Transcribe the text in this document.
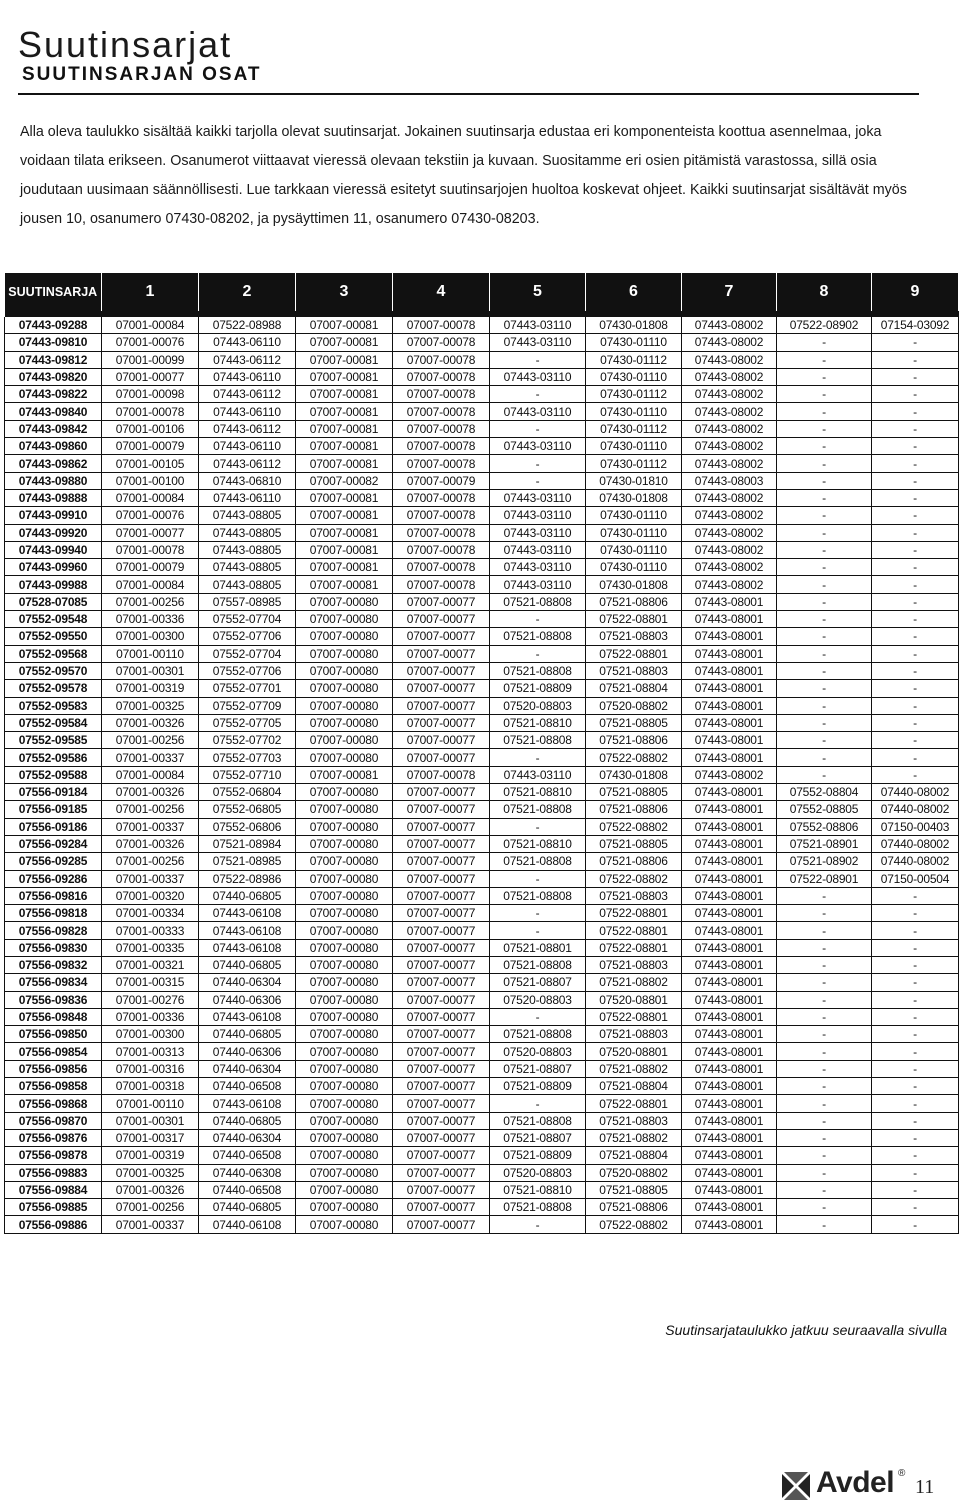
Suutinsarjat
SUUTINSARJAN OSAT

Alla oleva taulukko sisältää kaikki tarjolla olevat suutinsarjat. Jokainen suutinsarja edustaa eri komponenteista koottua asennelmaa, joka voidaan tilata erikseen. Osanumerot viittaavat vieressä olevaan tekstiin ja kuvaan. Suositamme eri osien pitämistä varastossa, sillä osia joudutaan uusimaan säännöllisesti. Lue tarkkaan vieressä esitetyt suutinsarjojen huoltoa koskevat ohjeet. Kaikki suutinsarjat sisältävät myös jousen 10, osanumero 07430-08202, ja pysäyttimen 11, osanumero 07430-08203.

SUUTINSARJA	1	2	3	4	5	6	7	8	9

07443-09288	07001-00084	07522-08988	07007-00081	07007-00078	07443-03110	07430-01808	07443-08002	07522-08902	07154-03092
07443-09810	07001-00076	07443-06110	07007-00081	07007-00078	07443-03110	07430-01110	07443-08002	-	-
07443-09812	07001-00099	07443-06112	07007-00081	07007-00078	-	07430-01112	07443-08002	-	-
07443-09820	07001-00077	07443-06110	07007-00081	07007-00078	07443-03110	07430-01110	07443-08002	-	-
07443-09822	07001-00098	07443-06112	07007-00081	07007-00078	-	07430-01112	07443-08002	-	-
07443-09840	07001-00078	07443-06110	07007-00081	07007-00078	07443-03110	07430-01110	07443-08002	-	-
07443-09842	07001-00106	07443-06112	07007-00081	07007-00078	-	07430-01112	07443-08002	-	-
07443-09860	07001-00079	07443-06110	07007-00081	07007-00078	07443-03110	07430-01110	07443-08002	-	-
07443-09862	07001-00105	07443-06112	07007-00081	07007-00078	-	07430-01112	07443-08002	-	-
07443-09880	07001-00100	07443-06810	07007-00082	07007-00079	-	07430-01810	07443-08003	-	-
07443-09888	07001-00084	07443-06110	07007-00081	07007-00078	07443-03110	07430-01808	07443-08002	-	-
07443-09910	07001-00076	07443-08805	07007-00081	07007-00078	07443-03110	07430-01110	07443-08002	-	-
07443-09920	07001-00077	07443-08805	07007-00081	07007-00078	07443-03110	07430-01110	07443-08002	-	-
07443-09940	07001-00078	07443-08805	07007-00081	07007-00078	07443-03110	07430-01110	07443-08002	-	-
07443-09960	07001-00079	07443-08805	07007-00081	07007-00078	07443-03110	07430-01110	07443-08002	-	-
07443-09988	07001-00084	07443-08805	07007-00081	07007-00078	07443-03110	07430-01808	07443-08002	-	-
07528-07085	07001-00256	07557-08985	07007-00080	07007-00077	07521-08808	07521-08806	07443-08001	-	-
07552-09548	07001-00336	07552-07704	07007-00080	07007-00077	-	07522-08801	07443-08001	-	-
07552-09550	07001-00300	07552-07706	07007-00080	07007-00077	07521-08808	07521-08803	07443-08001	-	-
07552-09568	07001-00110	07552-07704	07007-00080	07007-00077	-	07522-08801	07443-08001	-	-
07552-09570	07001-00301	07552-07706	07007-00080	07007-00077	07521-08808	07521-08803	07443-08001	-	-
07552-09578	07001-00319	07552-07701	07007-00080	07007-00077	07521-08809	07521-08804	07443-08001	-	-
07552-09583	07001-00325	07552-07709	07007-00080	07007-00077	07520-08803	07520-08802	07443-08001	-	-
07552-09584	07001-00326	07552-07705	07007-00080	07007-00077	07521-08810	07521-08805	07443-08001	-	-
07552-09585	07001-00256	07552-07702	07007-00080	07007-00077	07521-08808	07521-08806	07443-08001	-	-
07552-09586	07001-00337	07552-07703	07007-00080	07007-00077	-	07522-08802	07443-08001	-	-
07552-09588	07001-00084	07552-07710	07007-00081	07007-00078	07443-03110	07430-01808	07443-08002	-	-
07556-09184	07001-00326	07552-06804	07007-00080	07007-00077	07521-08810	07521-08805	07443-08001	07552-08804	07440-08002
07556-09185	07001-00256	07552-06805	07007-00080	07007-00077	07521-08808	07521-08806	07443-08001	07552-08805	07440-08002
07556-09186	07001-00337	07552-06806	07007-00080	07007-00077	-	07522-08802	07443-08001	07552-08806	07150-00403
07556-09284	07001-00326	07521-08984	07007-00080	07007-00077	07521-08810	07521-08805	07443-08001	07521-08901	07440-08002
07556-09285	07001-00256	07521-08985	07007-00080	07007-00077	07521-08808	07521-08806	07443-08001	07521-08902	07440-08002
07556-09286	07001-00337	07522-08986	07007-00080	07007-00077	-	07522-08802	07443-08001	07522-08901	07150-00504
07556-09816	07001-00320	07440-06805	07007-00080	07007-00077	07521-08808	07521-08803	07443-08001	-	-
07556-09818	07001-00334	07443-06108	07007-00080	07007-00077	-	07522-08801	07443-08001	-	-
07556-09828	07001-00333	07443-06108	07007-00080	07007-00077	-	07522-08801	07443-08001	-	-
07556-09830	07001-00335	07443-06108	07007-00080	07007-00077	07521-08801	07522-08801	07443-08001	-	-
07556-09832	07001-00321	07440-06805	07007-00080	07007-00077	07521-08808	07521-08803	07443-08001	-	-
07556-09834	07001-00315	07440-06304	07007-00080	07007-00077	07521-08807	07521-08802	07443-08001	-	-
07556-09836	07001-00276	07440-06306	07007-00080	07007-00077	07520-08803	07520-08801	07443-08001	-	-
07556-09848	07001-00336	07443-06108	07007-00080	07007-00077	-	07522-08801	07443-08001	-	-
07556-09850	07001-00300	07440-06805	07007-00080	07007-00077	07521-08808	07521-08803	07443-08001	-	-
07556-09854	07001-00313	07440-06306	07007-00080	07007-00077	07520-08803	07520-08801	07443-08001	-	-
07556-09856	07001-00316	07440-06304	07007-00080	07007-00077	07521-08807	07521-08802	07443-08001	-	-
07556-09858	07001-00318	07440-06508	07007-00080	07007-00077	07521-08809	07521-08804	07443-08001	-	-
07556-09868	07001-00110	07443-06108	07007-00080	07007-00077	-	07522-08801	07443-08001	-	-
07556-09870	07001-00301	07440-06805	07007-00080	07007-00077	07521-08808	07521-08803	07443-08001	-	-
07556-09876	07001-00317	07440-06304	07007-00080	07007-00077	07521-08807	07521-08802	07443-08001	-	-
07556-09878	07001-00319	07440-06508	07007-00080	07007-00077	07521-08809	07521-08804	07443-08001	-	-
07556-09883	07001-00325	07440-06308	07007-00080	07007-00077	07520-08803	07520-08802	07443-08001	-	-
07556-09884	07001-00326	07440-06508	07007-00080	07007-00077	07521-08810	07521-08805	07443-08001	-	-
07556-09885	07001-00256	07440-06805	07007-00080	07007-00077	07521-08808	07521-08806	07443-08001	-	-
07556-09886	07001-00337	07440-06108	07007-00080	07007-00077	-	07522-08802	07443-08001	-	-
Suutinsarjataulukko jatkuu seuraavalla sivulla
Avdel ®
11
